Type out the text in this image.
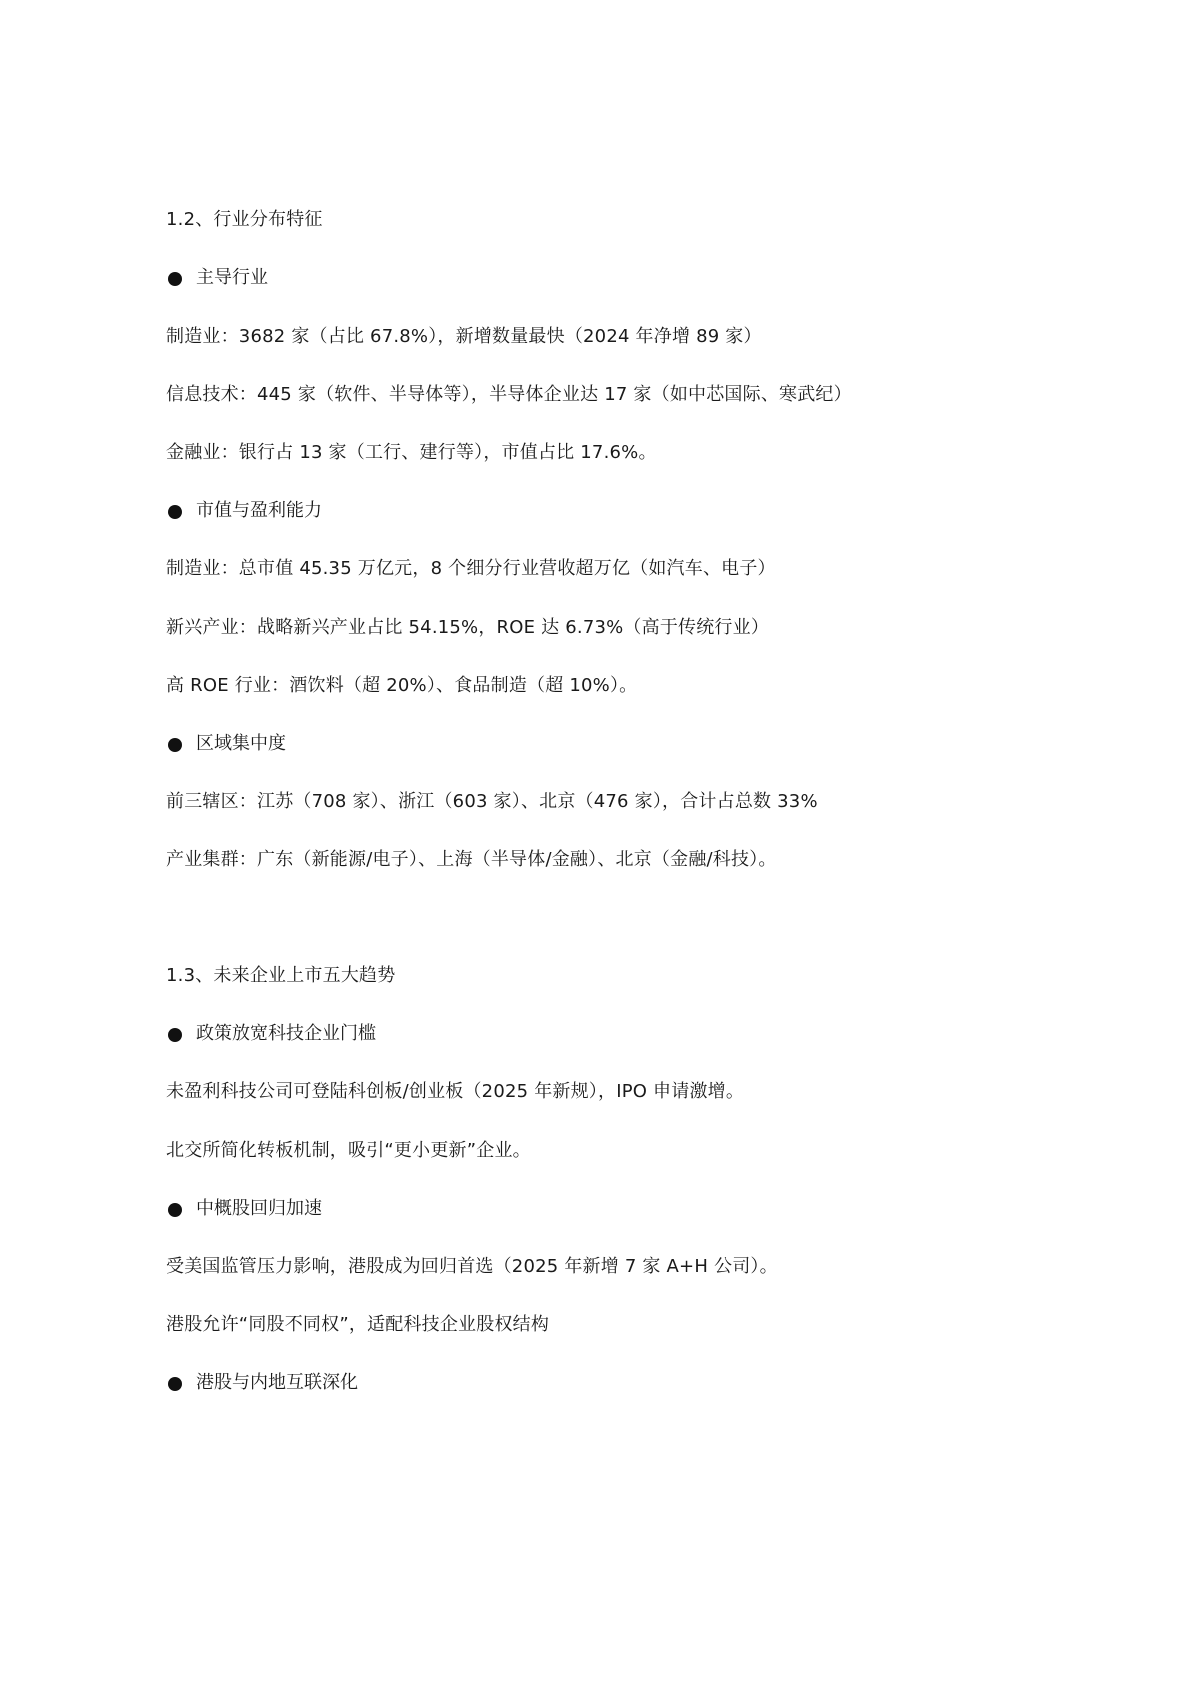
1.2、行业分布特征
主导行业
制造业：3682 家（占比 67.8%），新增数量最快（2024 年净增 89 家）
信息技术：445 家（软件、半导体等），半导体企业达 17 家（如中芯国际、寒武纪）
金融业：银行占 13 家（工行、建行等），市值占比 17.6%。
市值与盈利能力
制造业：总市值 45.35 万亿元，8 个细分行业营收超万亿（如汽车、电子）
新兴产业：战略新兴产业占比 54.15%，ROE 达 6.73%（高于传统行业）
高 ROE 行业：酒饮料（超 20%）、食品制造（超 10%）。
区域集中度
前三辖区：江苏（708 家）、浙江（603 家）、北京（476 家），合计占总数 33%
产业集群：广东（新能源/电子）、上海（半导体/金融）、北京（金融/科技）。
1.3、未来企业上市五大趋势
政策放宽科技企业门槛
未盈利科技公司可登陆科创板/创业板（2025 年新规），IPO 申请激增。
北交所简化转板机制，吸引“更小更新”企业。
中概股回归加速
受美国监管压力影响，港股成为回归首选（2025 年新增 7 家 A+H 公司）。
港股允许“同股不同权”，适配科技企业股权结构
港股与内地互联深化
